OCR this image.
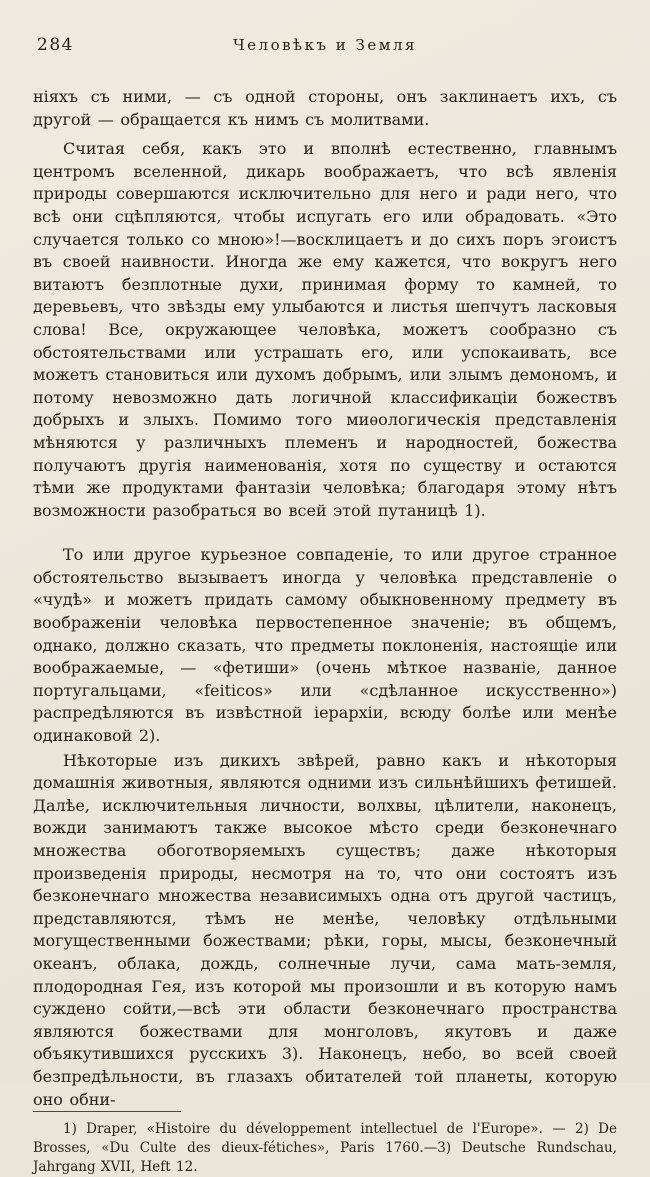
284	Человѣкъ и Земля

ніяхъ съ ними, — съ одной стороны, онъ заклинаетъ ихъ, съ другой — обращается къ нимъ съ молитвами.

Считая себя, какъ это и вполнѣ естественно, главнымъ центромъ вселенной, дикарь воображаетъ, что всѣ явленія природы совершаются исключительно для него и ради него, что всѣ они сцѣпляются, чтобы испугать его или обрадовать. «Это случается только со мною»!—восклицаетъ и до сихъ поръ эгоистъ въ своей наивности. Иногда же ему кажется, что вокругъ него витаютъ безплотные духи, принимая форму то камней, то деревьевъ, что звѣзды ему улыбаются и листья шепчутъ ласковыя слова! Все, окружающее человѣка, можетъ сообразно съ обстоятельствами или устрашать его, или успокаивать, все можетъ становиться или духомъ добрымъ, или злымъ демономъ, и потому невозможно дать логичной классификаціи божествъ добрыхъ и злыхъ. Помимо того миѳологическія представленія мѣняются у различныхъ племенъ и народностей, божества получаютъ другія наименованія, хотя по существу и остаются тѣми же продуктами фантазіи человѣка; благодаря этому нѣтъ возможности разобраться во всей этой путаницѣ 1).

То или другое курьезное совпаденіе, то или другое странное обстоятельство вызываетъ иногда у человѣка представленіе о «чудѣ» и можетъ придать самому обыкновенному предмету въ воображеніи человѣка первостепенное значеніе; въ общемъ, однако, должно сказать, что предметы поклоненія, настоящіе или воображаемые, — «фетиши» (очень мѣткое названіе, данное португальцами, «feiticos» или «сдѣланное искусственно») распредѣляются въ извѣстной іерархіи, всюду болѣе или менѣе одинаковой 2).

Нѣкоторые изъ дикихъ звѣрей, равно какъ и нѣкоторыя домашнія животныя, являются одними изъ сильнѣйшихъ фетишей. Далѣе, исключительныя личности, волхвы, цѣлители, наконецъ, вожди занимаютъ также высокое мѣсто среди безконечнаго множества обоготворяемыхъ существъ; даже нѣкоторыя произведенія природы, несмотря на то, что они состоятъ изъ безконечнаго множества независимыхъ одна отъ другой частицъ, представляются, тѣмъ не менѣе, человѣку отдѣльными могущественными божествами; рѣки, горы, мысы, безконечный океанъ, облака, дождь, солнечные лучи, сама мать-земля, плодородная Гея, изъ которой мы произошли и въ которую намъ суждено сойти,—всѣ эти области безконечнаго пространства являются божествами для монголовъ, якутовъ и даже объякутившихся русскихъ 3). Наконецъ, небо, во всей своей безпредѣльности, въ глазахъ обитателей той планеты, которую оно обни-

1) Draper, «Histoire du développement intellectuel de l'Europe». — 2) De Brosses, «Du Culte des dieux-fétiches», Paris 1760.—3) Deutsche Rundschau, Jahrgang XVII, Heft 12.
